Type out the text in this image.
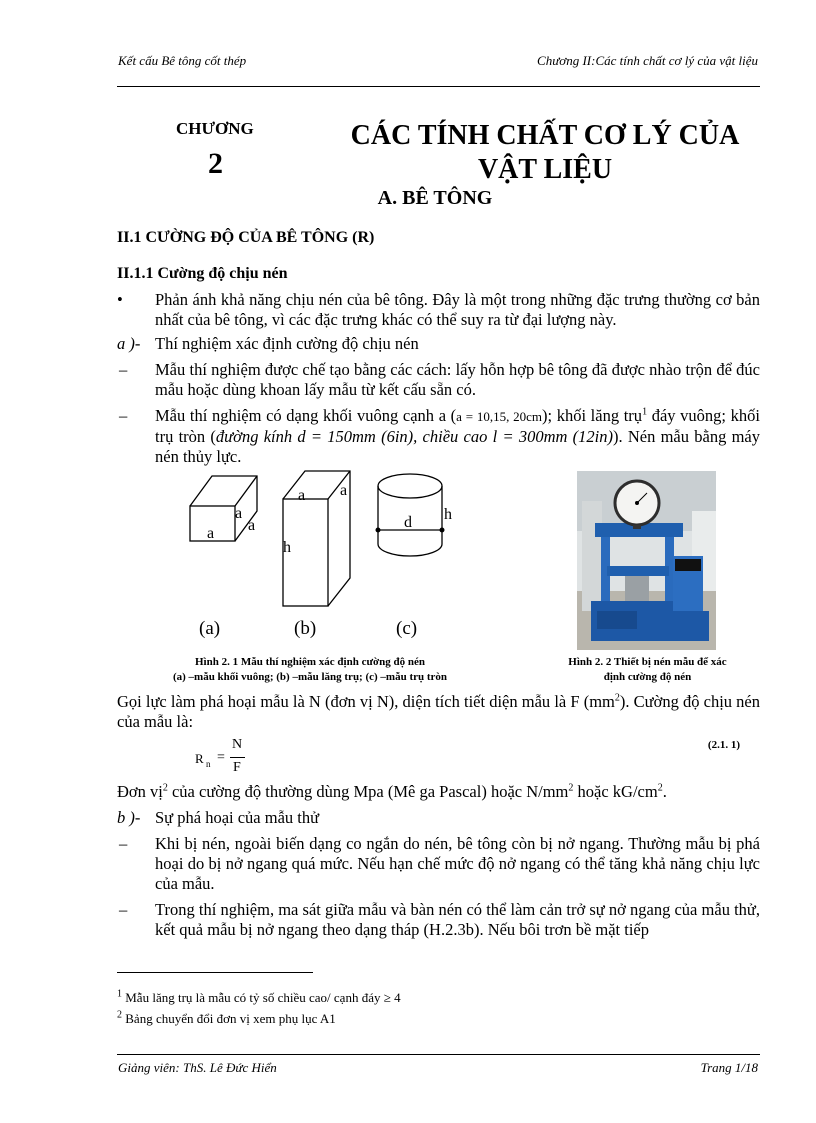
Kết cấu Bê tông cốt thép	Chương II:Các tính chất cơ lý của vật liệu
CHƯƠNG
2
CÁC TÍNH CHẤT CƠ LÝ CỦA
VẬT LIỆU
A. BÊ TÔNG
II.1 CƯỜNG ĐỘ CỦA BÊ TÔNG (R)
II.1.1 Cường độ chịu nén
• Phản ánh khả năng chịu nén của bê tông. Đây là một trong những đặc trưng thường cơ bản nhất của bê tông, vì các đặc trưng khác có thể suy ra từ đại lượng này.
a )- Thí nghiệm xác định cường độ chịu nén
– Mẫu thí nghiệm được chế tạo bằng các cách: lấy hỗn hợp bê tông đã được nhào trộn để đúc mẫu hoặc dùng khoan lấy mẫu từ kết cấu sẵn có.
– Mẫu thí nghiệm có dạng khối vuông cạnh a (a = 10,15, 20cm); khối lăng trụ$^1$ đáy vuông; khối trụ tròn (đường kính d = 150mm (6in), chiều cao l = 300mm (12in)). Nén mẫu bằng máy nén thủy lực.
a
a
a
a a
h
d h
(a)	(b)	(c)
Hình 2. 1 Mẫu thí nghiệm xác định cường độ nén
(a) –mẫu khối vuông; (b) –mẫu lăng trụ; (c) –mẫu trụ tròn
Hình 2. 2 Thiết bị nén mẫu để xác
định cường độ nén
Gọi lực làm phá hoại mẫu là N (đơn vị N), diện tích tiết diện mẫu là F $(mm^2)$. Cường độ chịu nén của mẫu là:
R n =
N
F
(2.1. 1)
Đơn vị$^2$ của cường độ thường dùng Mpa (Mê ga Pascal) hoặc $N/mm^2$ hoặc $kG/cm^2$.
b )- Sự phá hoại của mẫu thử
– Khi bị nén, ngoài biến dạng co ngắn do nén, bê tông còn bị nở ngang. Thường mẫu bị phá hoại do bị nở ngang quá mức. Nếu hạn chế mức độ nở ngang có thể tăng khả năng chịu lực của mẫu.
– Trong thí nghiệm, ma sát giữa mẫu và bàn nén có thể làm cản trở sự nở ngang của mẫu thử, kết quả mẫu bị nở ngang theo dạng tháp (H.2.3b). Nếu bôi trơn bề mặt tiếp
$^1$ Mẫu lăng trụ là mẫu có tỷ số chiều cao/ cạnh đáy ≥ 4
$^2$ Bảng chuyển đổi đơn vị xem phụ lục A1
Giảng viên: ThS. Lê Đức Hiển	Trang 1/18
